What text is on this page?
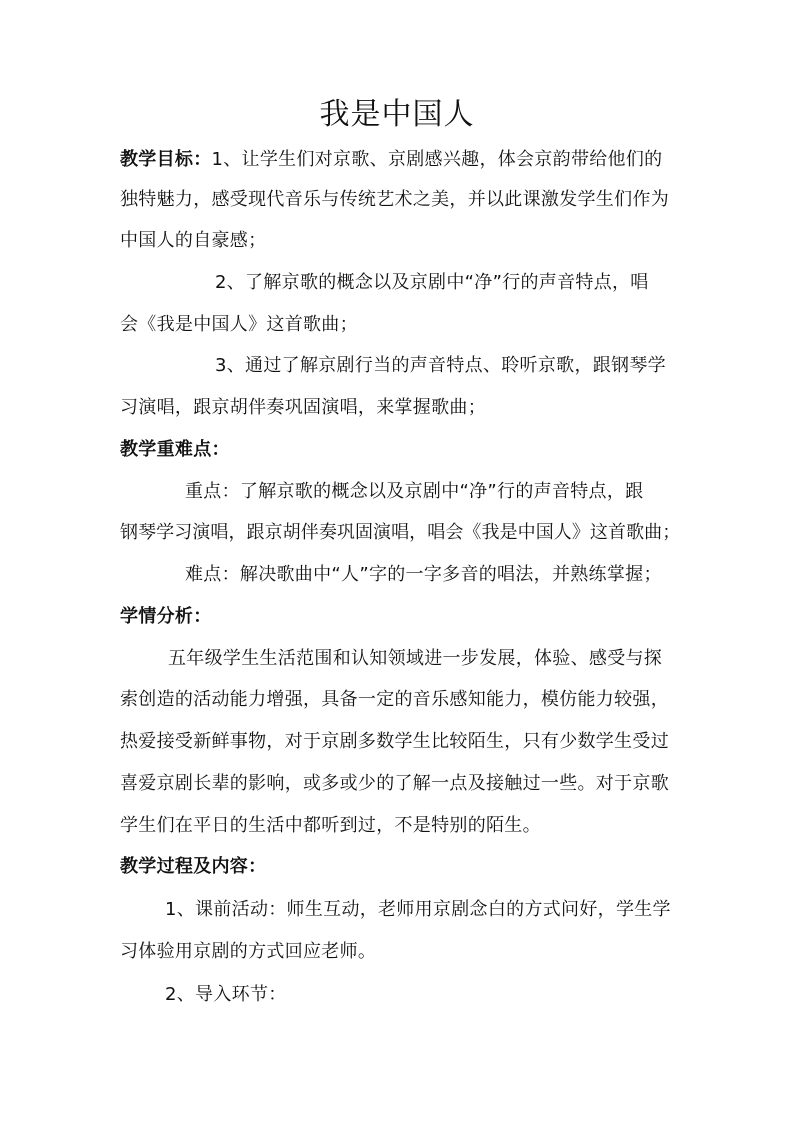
我是中国人
教学目标：1、让学生们对京歌、京剧感兴趣，体会京韵带给他们的
独特魅力，感受现代音乐与传统艺术之美，并以此课激发学生们作为
中国人的自豪感；
2、了解京歌的概念以及京剧中“净”行的声音特点，唱
会《我是中国人》这首歌曲；
3、通过了解京剧行当的声音特点、聆听京歌，跟钢琴学
习演唱，跟京胡伴奏巩固演唱，来掌握歌曲；
教学重难点：
重点：了解京歌的概念以及京剧中“净”行的声音特点，跟
钢琴学习演唱，跟京胡伴奏巩固演唱，唱会《我是中国人》这首歌曲；
难点：解决歌曲中“人”字的一字多音的唱法，并熟练掌握；
学情分析：
五年级学生生活范围和认知领域进一步发展，体验、感受与探
索创造的活动能力增强，具备一定的音乐感知能力，模仿能力较强，
热爱接受新鲜事物，对于京剧多数学生比较陌生，只有少数学生受过
喜爱京剧长辈的影响，或多或少的了解一点及接触过一些。对于京歌
学生们在平日的生活中都听到过，不是特别的陌生。
教学过程及内容：
1、课前活动：师生互动，老师用京剧念白的方式问好，学生学
习体验用京剧的方式回应老师。
2、导入环节：
